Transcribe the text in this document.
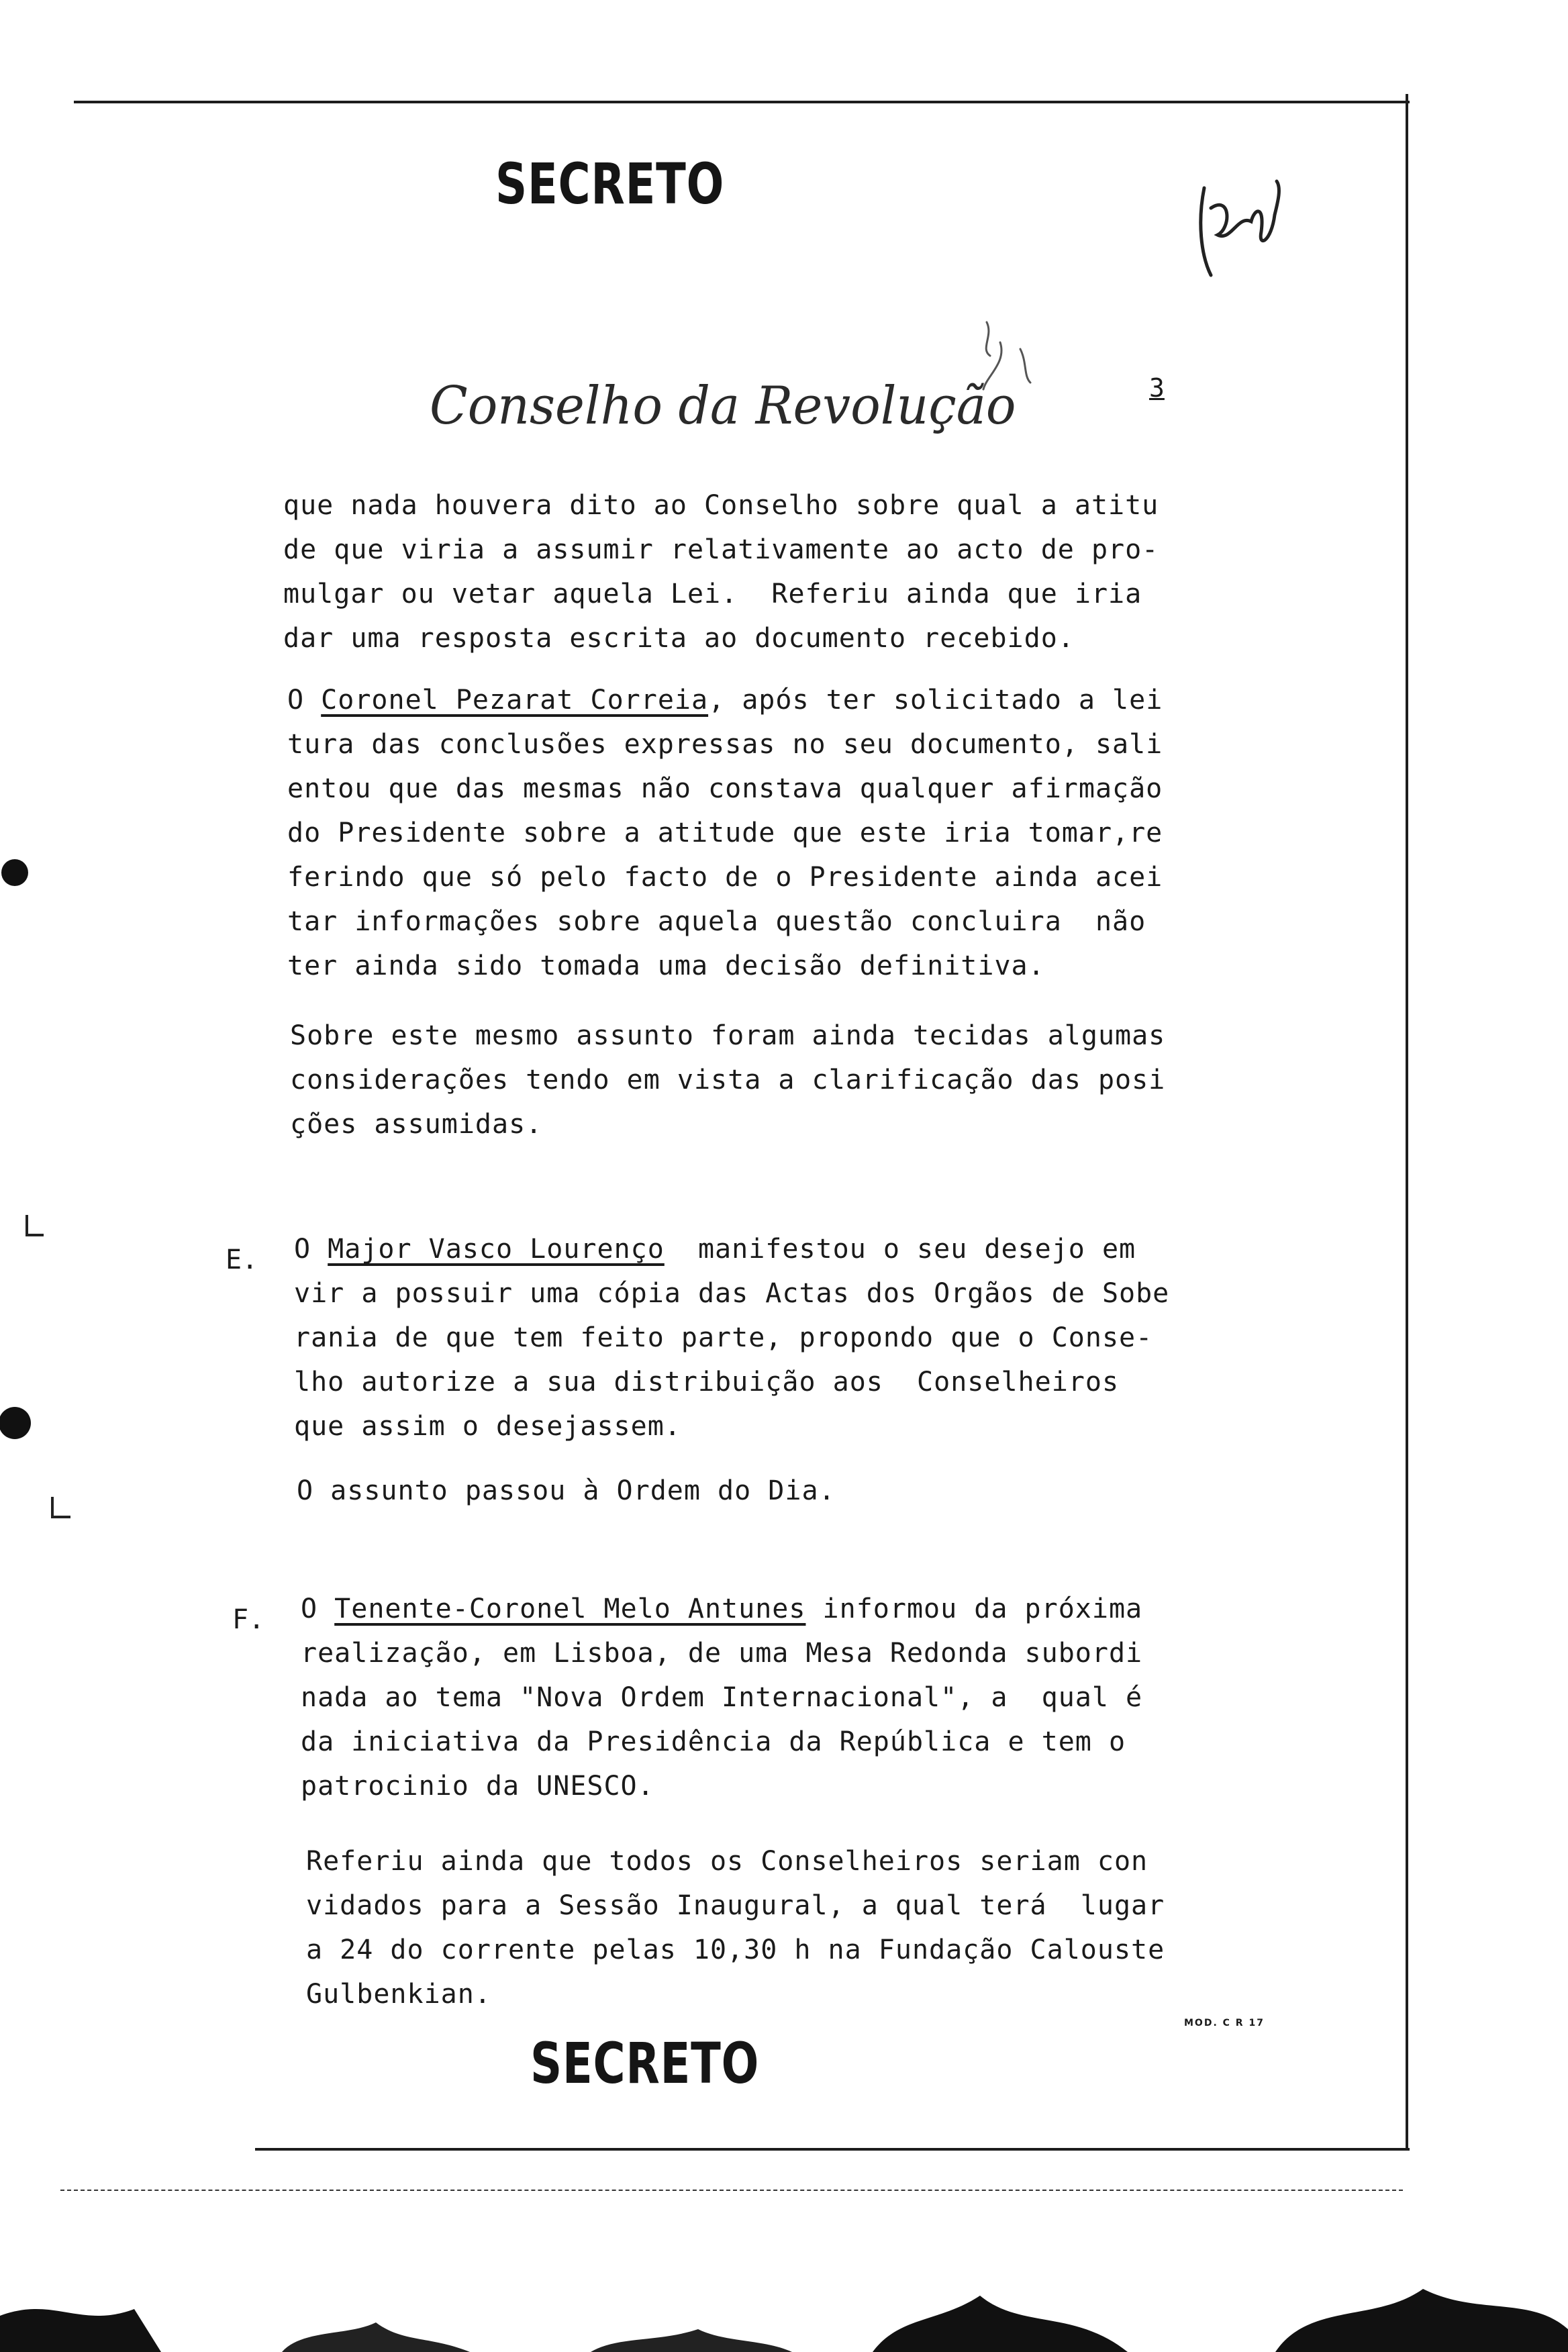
SECRETO
Conselho da Revolução	3
que nada houvera dito ao Conselho sobre qual a atitu
de que viria a assumir relativamente ao acto de pro-
mulgar ou vetar aquela Lei.  Referiu ainda que iria
dar uma resposta escrita ao documento recebido.
O Coronel Pezarat Correia, após ter solicitado a lei
tura das conclusões expressas no seu documento, sali
entou que das mesmas não constava qualquer afirmação
do Presidente sobre a atitude que este iria tomar,re
ferindo que só pelo facto de o Presidente ainda acei
tar informações sobre aquela questão concluira  não
ter ainda sido tomada uma decisão definitiva.
Sobre este mesmo assunto foram ainda tecidas algumas
considerações tendo em vista a clarificação das posi
ções assumidas.
E. O Major Vasco Lourenço  manifestou o seu desejo em
vir a possuir uma cópia das Actas dos Orgãos de Sobe
rania de que tem feito parte, propondo que o Conse-
lho autorize a sua distribuição aos  Conselheiros
que assim o desejassem.
O assunto passou à Ordem do Dia.
F. O Tenente-Coronel Melo Antunes informou da próxima
realização, em Lisboa, de uma Mesa Redonda subordi
nada ao tema "Nova Ordem Internacional", a  qual é
da iniciativa da Presidência da República e tem o
patrocinio da UNESCO.
Referiu ainda que todos os Conselheiros seriam con
vidados para a Sessão Inaugural, a qual terá  lugar
a 24 do corrente pelas 10,30 h na Fundação Calouste
Gulbenkian.
MOD. C R 17
SECRETO
